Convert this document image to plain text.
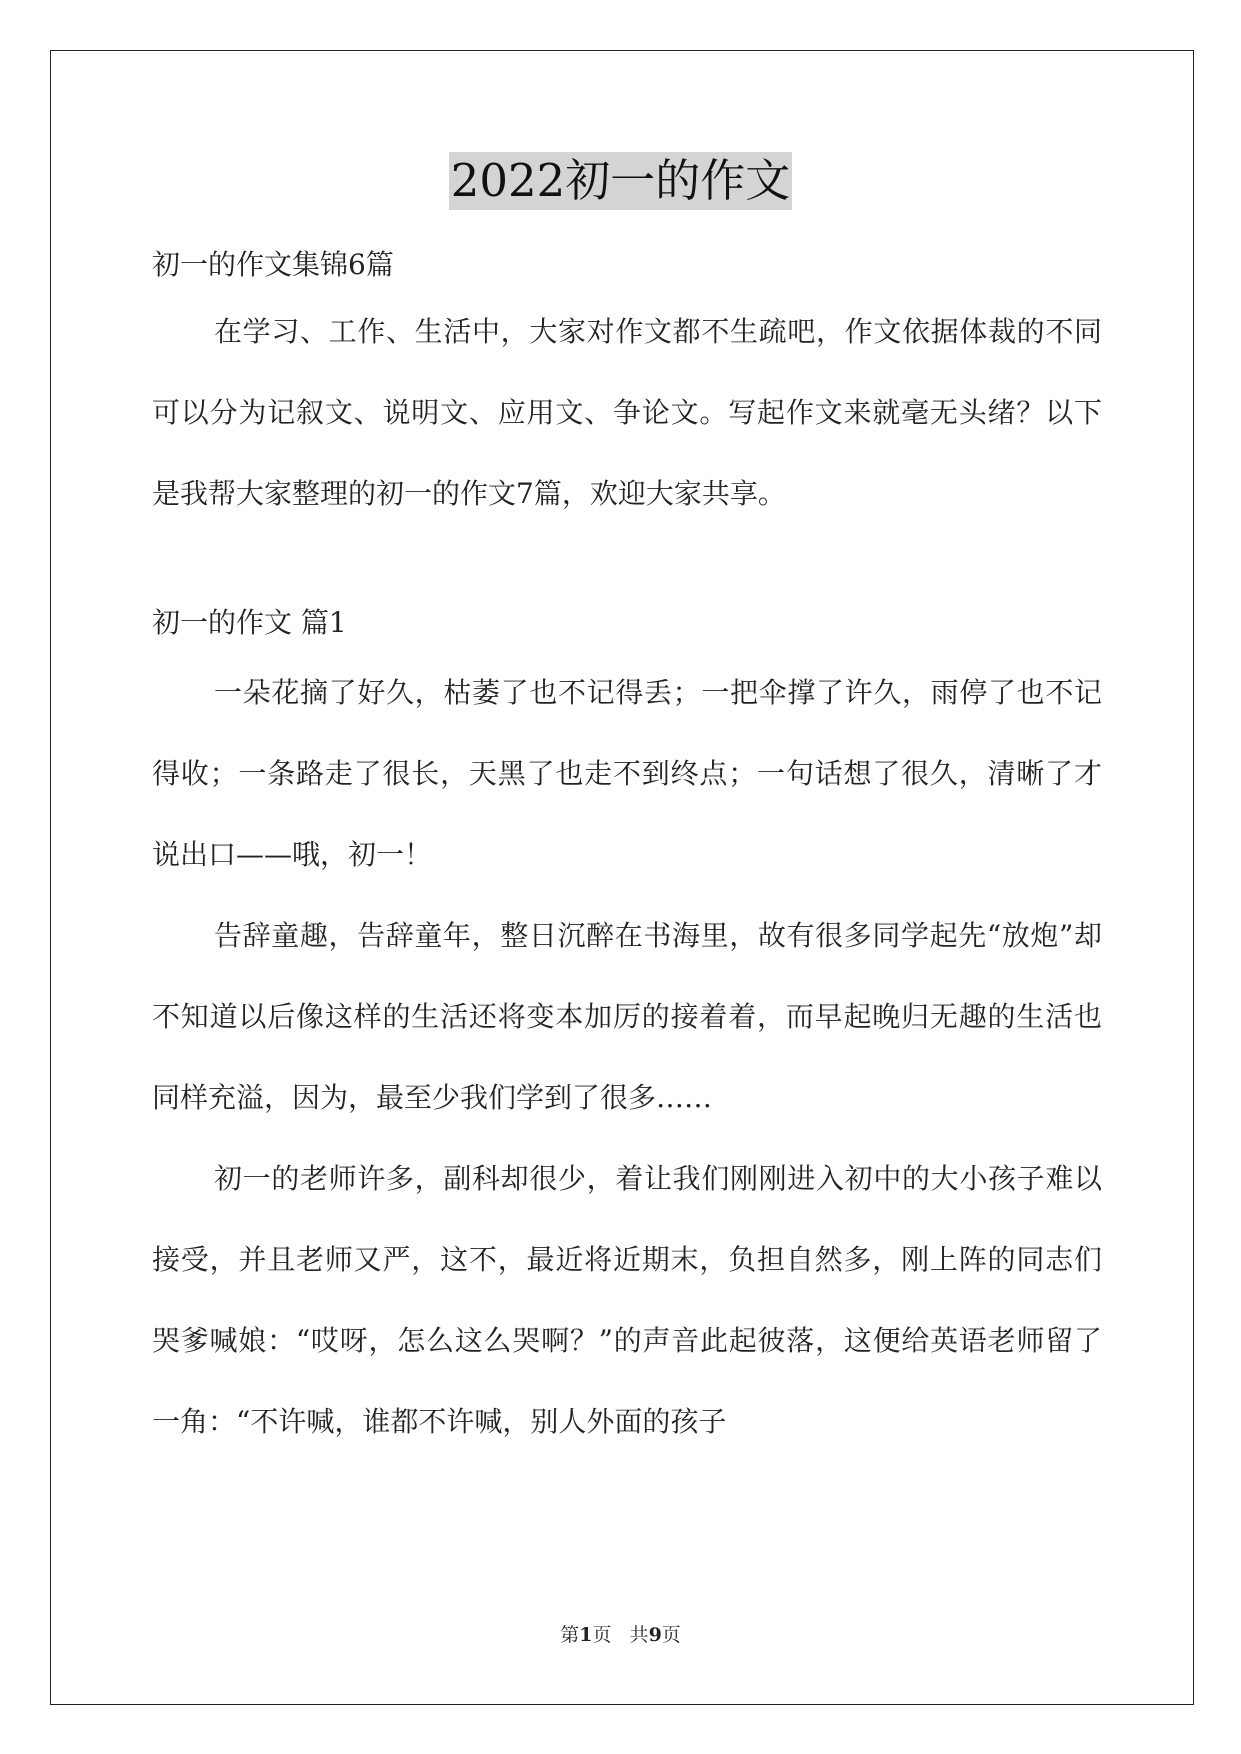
2022初一的作文
初一的作文集锦6篇

在学习、工作、生活中，大家对作文都不生疏吧，作文依据体裁的不同可以分为记叙文、说明文、应用文、争论文。写起作文来就毫无头绪？以下是我帮大家整理的初一的作文7篇，欢迎大家共享。

初一的作文 篇1

一朵花摘了好久，枯萎了也不记得丢；一把伞撑了许久，雨停了也不记得收；一条路走了很长，天黑了也走不到终点；一句话想了很久，清晰了才说出口——哦，初一！

告辞童趣，告辞童年，整日沉醉在书海里，故有很多同学起先“放炮”却不知道以后像这样的生活还将变本加厉的接着着，而早起晚归无趣的生活也同样充溢，因为，最至少我们学到了很多……

初一的老师许多，副科却很少，着让我们刚刚进入初中的大小孩子难以接受，并且老师又严，这不，最近将近期末，负担自然多，刚上阵的同志们哭爹喊娘：“哎呀，怎么这么哭啊？”的声音此起彼落，这便给英语老师留了一角：“不许喊，谁都不许喊，别人外面的孩子

第1页   共9页
